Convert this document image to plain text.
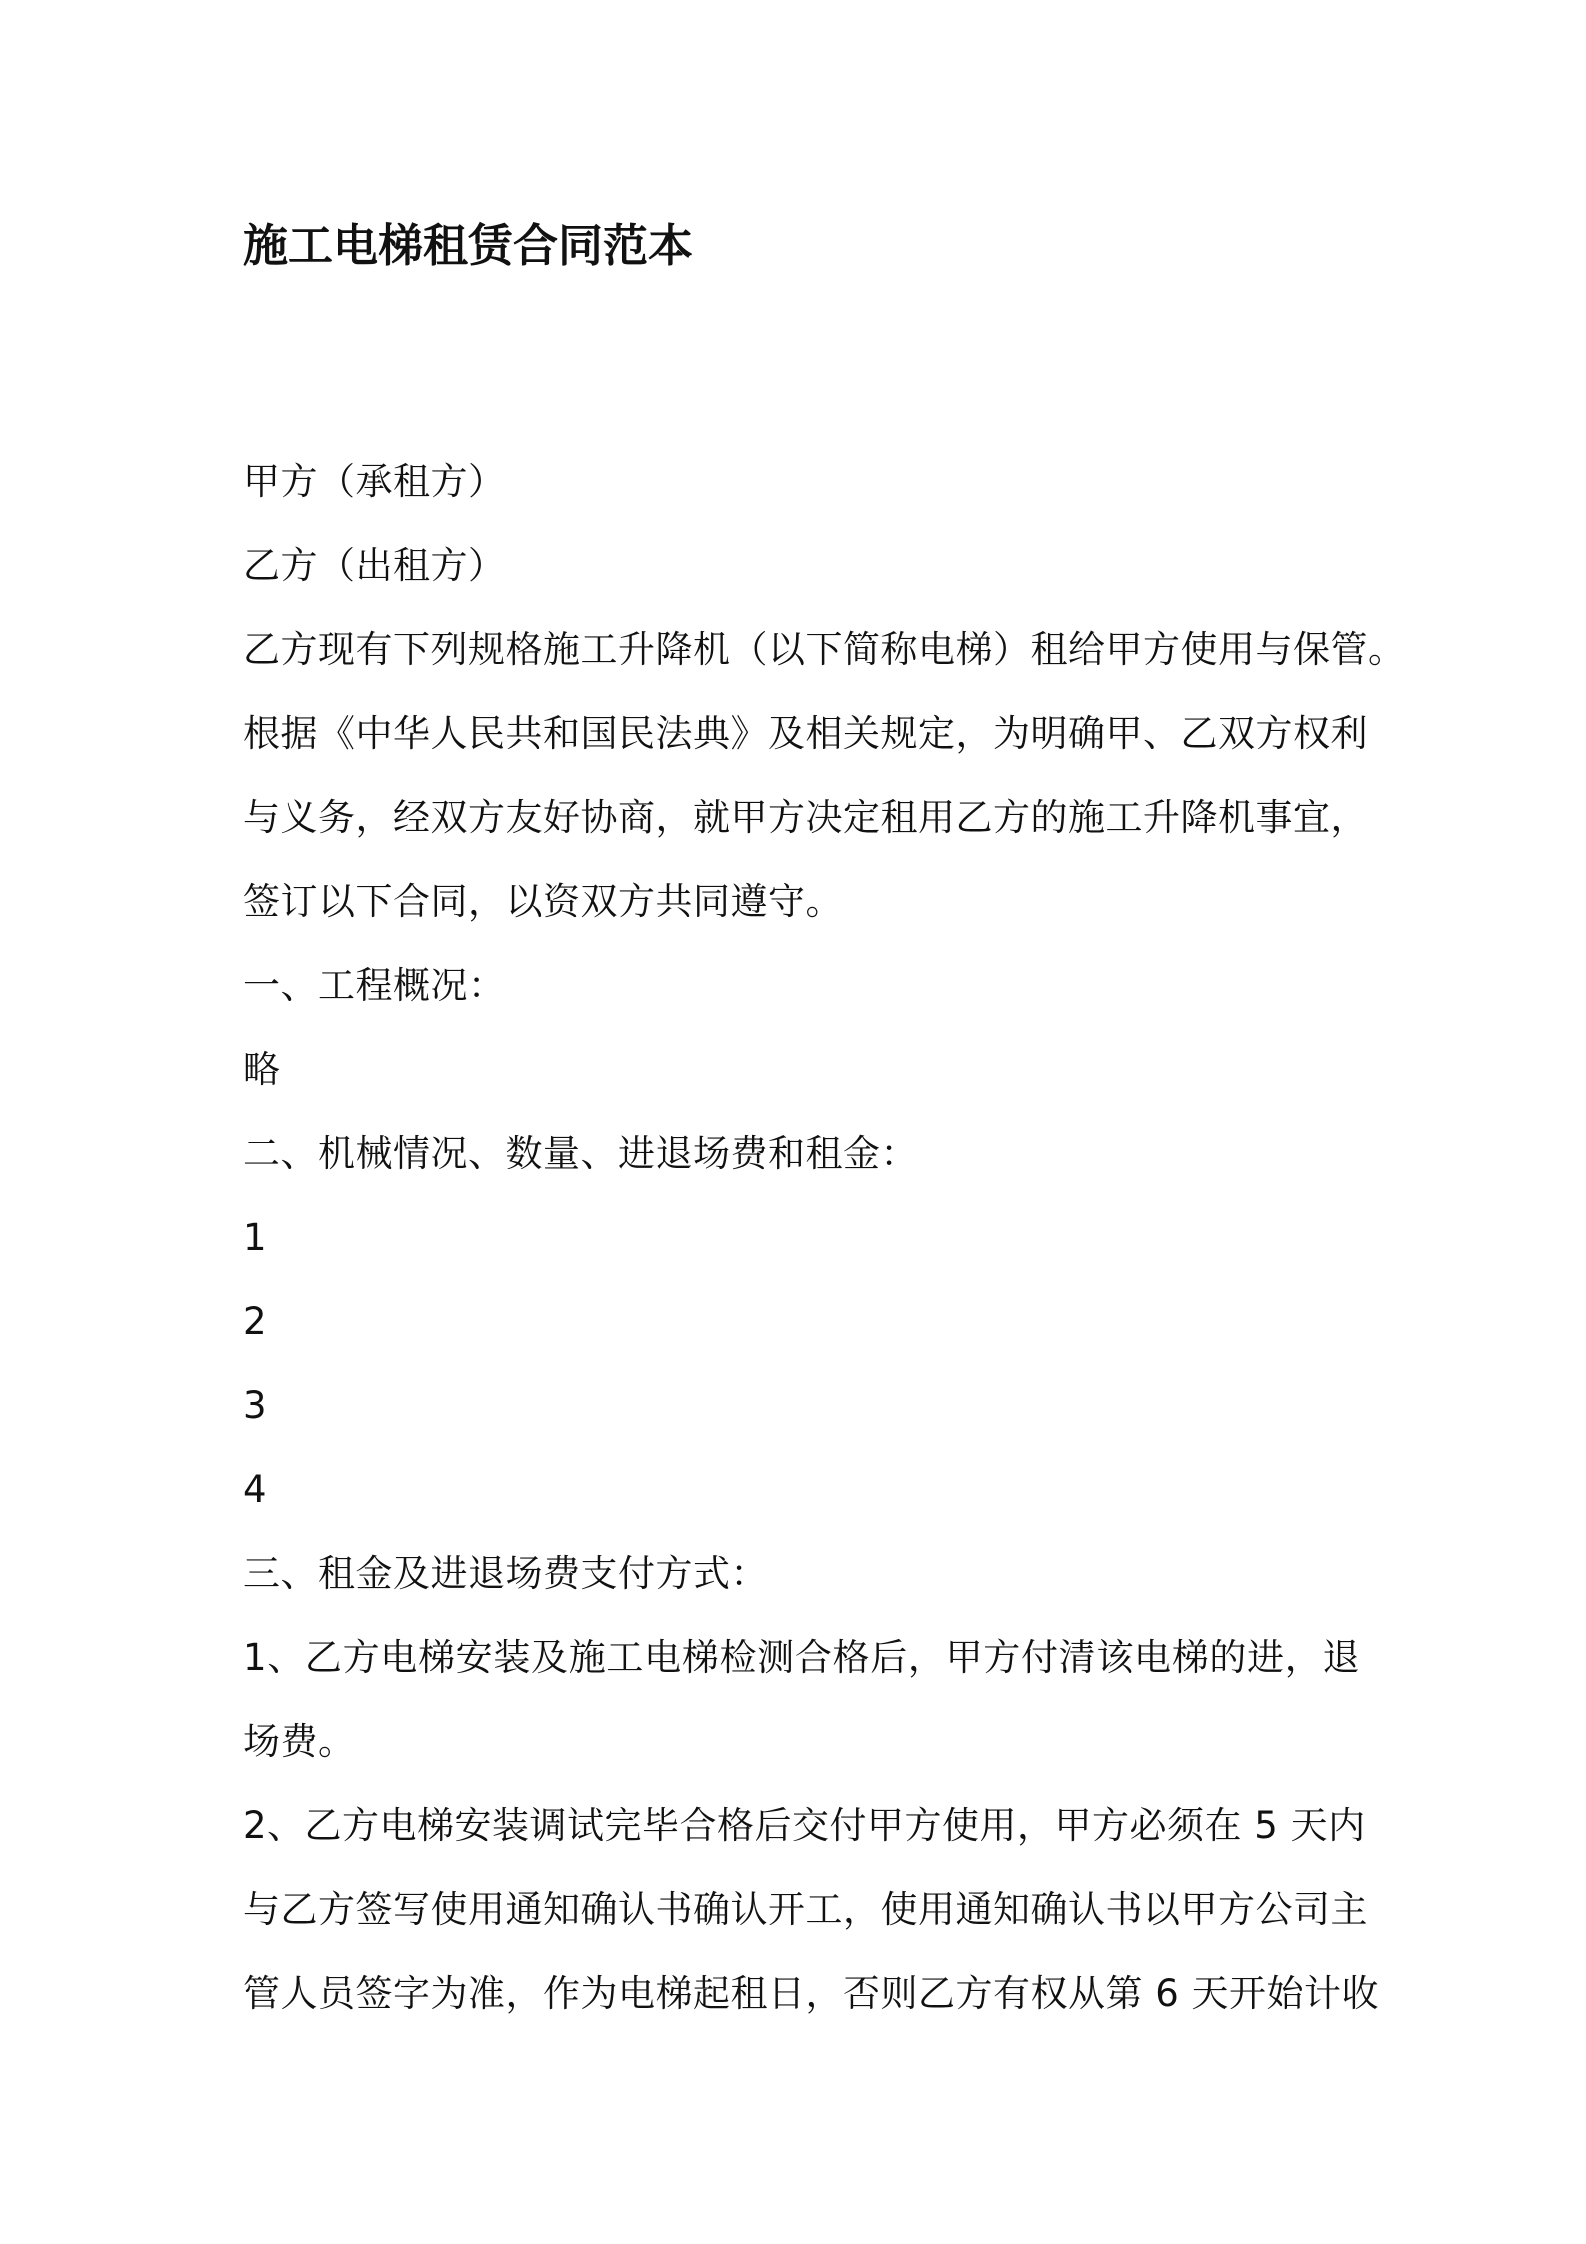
施工电梯租赁合同范本
甲方（承租方）
乙方（出租方）
乙方现有下列规格施工升降机（以下简称电梯）租给甲方使用与保管。
根据《中华人民共和国民法典》及相关规定，为明确甲、乙双方权利
与义务，经双方友好协商，就甲方决定租用乙方的施工升降机事宜，
签订以下合同，以资双方共同遵守。
一、工程概况：
略
二、机械情况、数量、进退场费和租金：
1
2
3
4
三、租金及进退场费支付方式：
1、乙方电梯安装及施工电梯检测合格后，甲方付清该电梯的进，退
场费。
2、乙方电梯安装调试完毕合格后交付甲方使用，甲方必须在 5 天内
与乙方签写使用通知确认书确认开工，使用通知确认书以甲方公司主
管人员签字为准，作为电梯起租日，否则乙方有权从第 6 天开始计收
